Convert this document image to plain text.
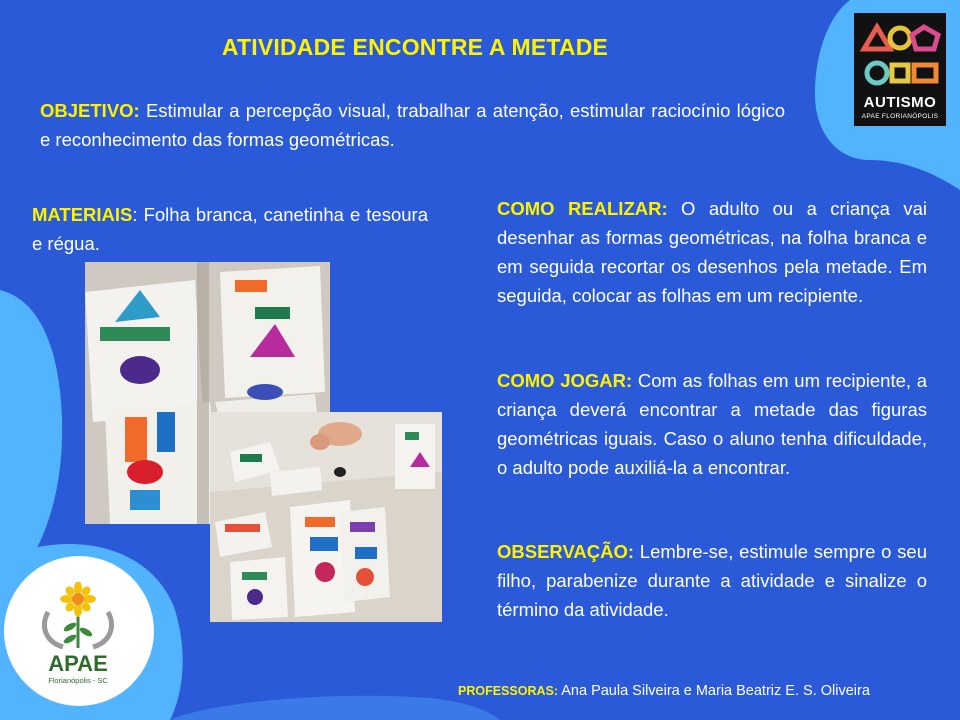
ATIVIDADE ENCONTRE A METADE
OBJETIVO: Estimular a percepção visual, trabalhar a atenção, estimular raciocínio lógico e reconhecimento das formas geométricas.
MATERIAIS: Folha branca, canetinha e tesoura e régua.
COMO REALIZAR: O adulto ou a criança vai desenhar as formas geométricas, na folha branca e em seguida recortar os desenhos pela metade. Em seguida, colocar as folhas em um recipiente.
COMO JOGAR: Com as folhas em um recipiente, a criança deverá encontrar a metade das figuras geométricas iguais. Caso o aluno tenha dificuldade, o adulto pode auxiliá-la a encontrar.
OBSERVAÇÃO: Lembre-se, estimule sempre o seu filho, parabenize durante a atividade e sinalize o término da atividade.
PROFESSORAS: Ana Paula Silveira e Maria Beatriz E. S. Oliveira
AUTISMO
APAE FLORIANÓPOLIS
APAE
Florianópolis - SC
